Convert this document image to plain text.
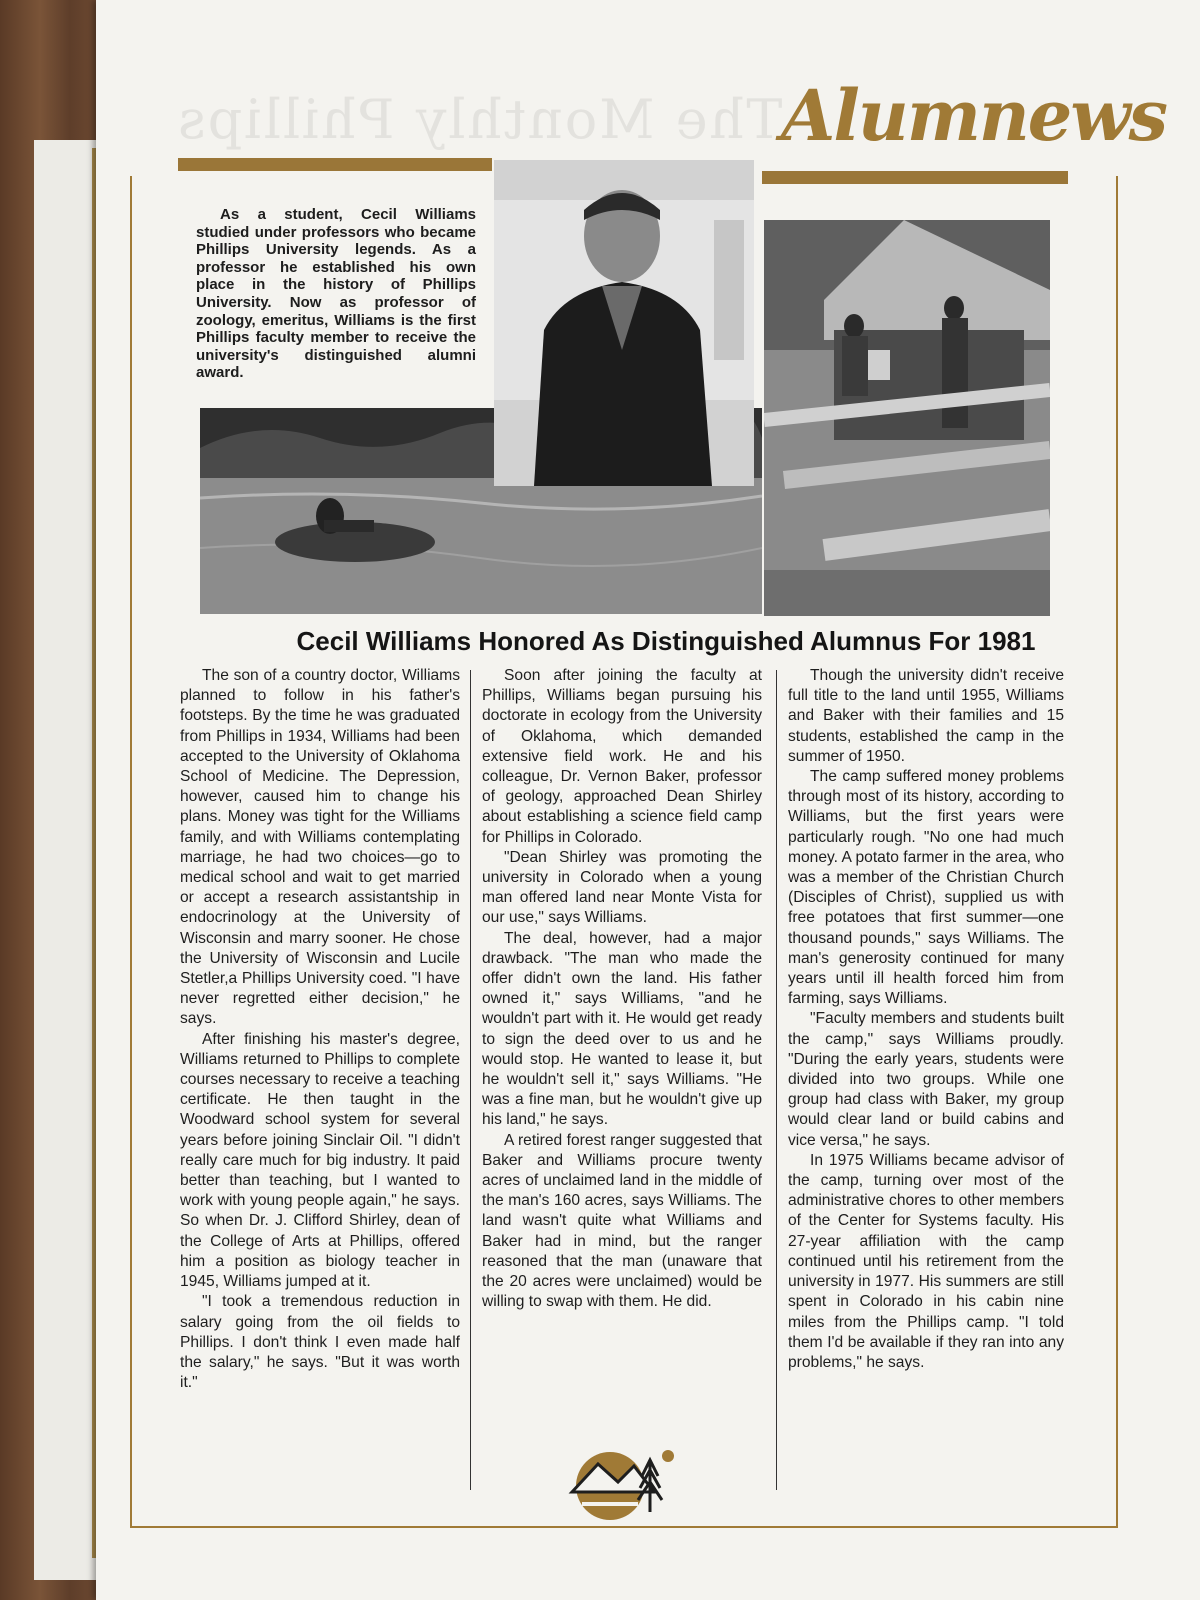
The Monthly Phillips
Alumnews
As a student, Cecil Williams studied under professors who became Phillips University legends. As a professor he established his own place in the history of Phillips University. Now as professor of zoology, emeritus, Williams is the first Phillips faculty member to receive the university's distinguished alumni award.
Cecil Williams Honored As Distinguished Alumnus For 1981

The son of a country doctor, Williams planned to follow in his father's footsteps. By the time he was graduated from Phillips in 1934, Williams had been accepted to the University of Oklahoma School of Medicine. The Depression, however, caused him to change his plans. Money was tight for the Williams family, and with Williams contemplating marriage, he had two choices—go to medical school and wait to get married or accept a research assistantship in endocrinology at the University of Wisconsin and marry sooner. He chose the University of Wisconsin and Lucile Stetler,a Phillips University coed. "I have never regretted either decision," he says.

After finishing his master's degree, Williams returned to Phillips to complete courses necessary to receive a teaching certificate. He then taught in the Woodward school system for several years before joining Sinclair Oil. "I didn't really care much for big industry. It paid better than teaching, but I wanted to work with young people again," he says. So when Dr. J. Clifford Shirley, dean of the College of Arts at Phillips, offered him a position as biology teacher in 1945, Williams jumped at it.

"I took a tremendous reduction in salary going from the oil fields to Phillips. I don't think I even made half the salary," he says. "But it was worth it."

Soon after joining the faculty at Phillips, Williams began pursuing his doctorate in ecology from the University of Oklahoma, which demanded extensive field work. He and his colleague, Dr. Vernon Baker, professor of geology, approached Dean Shirley about establishing a science field camp for Phillips in Colorado.

"Dean Shirley was promoting the university in Colorado when a young man offered land near Monte Vista for our use," says Williams.

The deal, however, had a major drawback. "The man who made the offer didn't own the land. His father owned it," says Williams, "and he wouldn't part with it. He would get ready to sign the deed over to us and he would stop. He wanted to lease it, but he wouldn't sell it," says Williams. "He was a fine man, but he wouldn't give up his land," he says.

A retired forest ranger suggested that Baker and Williams procure twenty acres of unclaimed land in the middle of the man's 160 acres, says Williams. The land wasn't quite what Williams and Baker had in mind, but the ranger reasoned that the man (unaware that the 20 acres were unclaimed) would be willing to swap with them. He did.

Though the university didn't receive full title to the land until 1955, Williams and Baker with their families and 15 students, established the camp in the summer of 1950.

The camp suffered money problems through most of its history, according to Williams, but the first years were particularly rough. "No one had much money. A potato farmer in the area, who was a member of the Christian Church (Disciples of Christ), supplied us with free potatoes that first summer—one thousand pounds," says Williams. The man's generosity continued for many years until ill health forced him from farming, says Williams.

"Faculty members and students built the camp," says Williams proudly. "During the early years, students were divided into two groups. While one group had class with Baker, my group would clear land or build cabins and vice versa," he says.

In 1975 Williams became advisor of the camp, turning over most of the administrative chores to other members of the Center for Systems faculty. His 27-year affiliation with the camp continued until his retirement from the university in 1977. His summers are still spent in Colorado in his cabin nine miles from the Phillips camp. "I told them I'd be available if they ran into any problems," he says.
